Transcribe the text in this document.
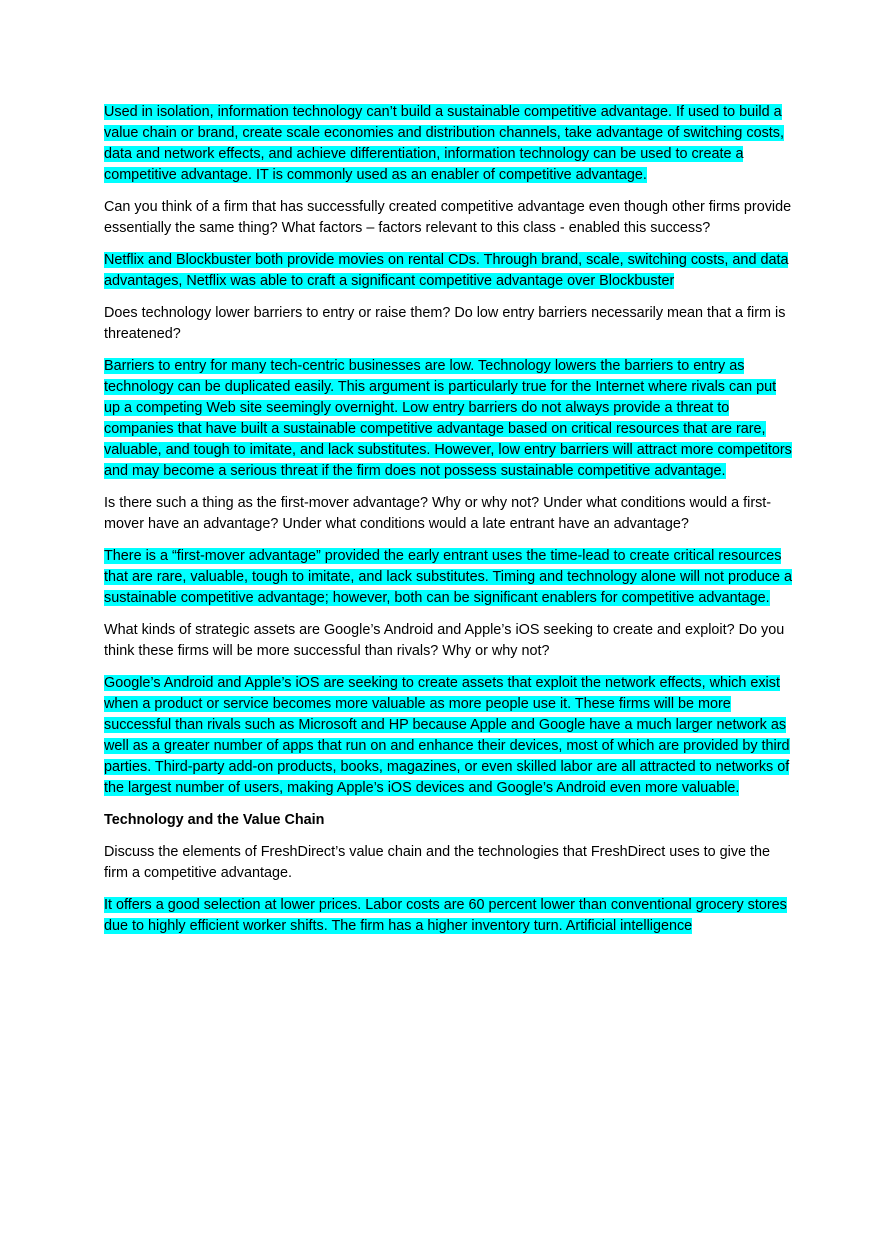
Used in isolation, information technology can’t build a sustainable competitive advantage. If used to build a value chain or brand, create scale economies and distribution channels, take advantage of switching costs, data and network effects, and achieve differentiation, information technology can be used to create a competitive advantage. IT is commonly used as an enabler of competitive advantage.

Can you think of a firm that has successfully created competitive advantage even though other firms provide essentially the same thing? What factors – factors relevant to this class - enabled this success?

Netflix and Blockbuster both provide movies on rental CDs. Through brand, scale, switching costs, and data advantages, Netflix was able to craft a significant competitive advantage over Blockbuster

Does technology lower barriers to entry or raise them? Do low entry barriers necessarily mean that a firm is threatened?

Barriers to entry for many tech-centric businesses are low. Technology lowers the barriers to entry as technology can be duplicated easily. This argument is particularly true for the Internet where rivals can put up a competing Web site seemingly overnight. Low entry barriers do not always provide a threat to companies that have built a sustainable competitive advantage based on critical resources that are rare, valuable, and tough to imitate, and lack substitutes. However, low entry barriers will attract more competitors and may become a serious threat if the firm does not possess sustainable competitive advantage.

Is there such a thing as the first-mover advantage? Why or why not? Under what conditions would a first-mover have an advantage? Under what conditions would a late entrant have an advantage?

There is a “first-mover advantage” provided the early entrant uses the time-lead to create critical resources that are rare, valuable, tough to imitate, and lack substitutes. Timing and technology alone will not produce a sustainable competitive advantage; however, both can be significant enablers for competitive advantage.

What kinds of strategic assets are Google’s Android and Apple’s iOS seeking to create and exploit? Do you think these firms will be more successful than rivals? Why or why not?

Google’s Android and Apple’s iOS are seeking to create assets that exploit the network effects, which exist when a product or service becomes more valuable as more people use it. These firms will be more successful than rivals such as Microsoft and HP because Apple and Google have a much larger network as well as a greater number of apps that run on and enhance their devices, most of which are provided by third parties. Third-party add-on products, books, magazines, or even skilled labor are all attracted to networks of the largest number of users, making Apple’s iOS devices and Google’s Android even more valuable.

Technology and the Value Chain

Discuss the elements of FreshDirect’s value chain and the technologies that FreshDirect uses to give the firm a competitive advantage.

It offers a good selection at lower prices. Labor costs are 60 percent lower than conventional grocery stores due to highly efficient worker shifts. The firm has a higher inventory turn. Artificial intelligence
